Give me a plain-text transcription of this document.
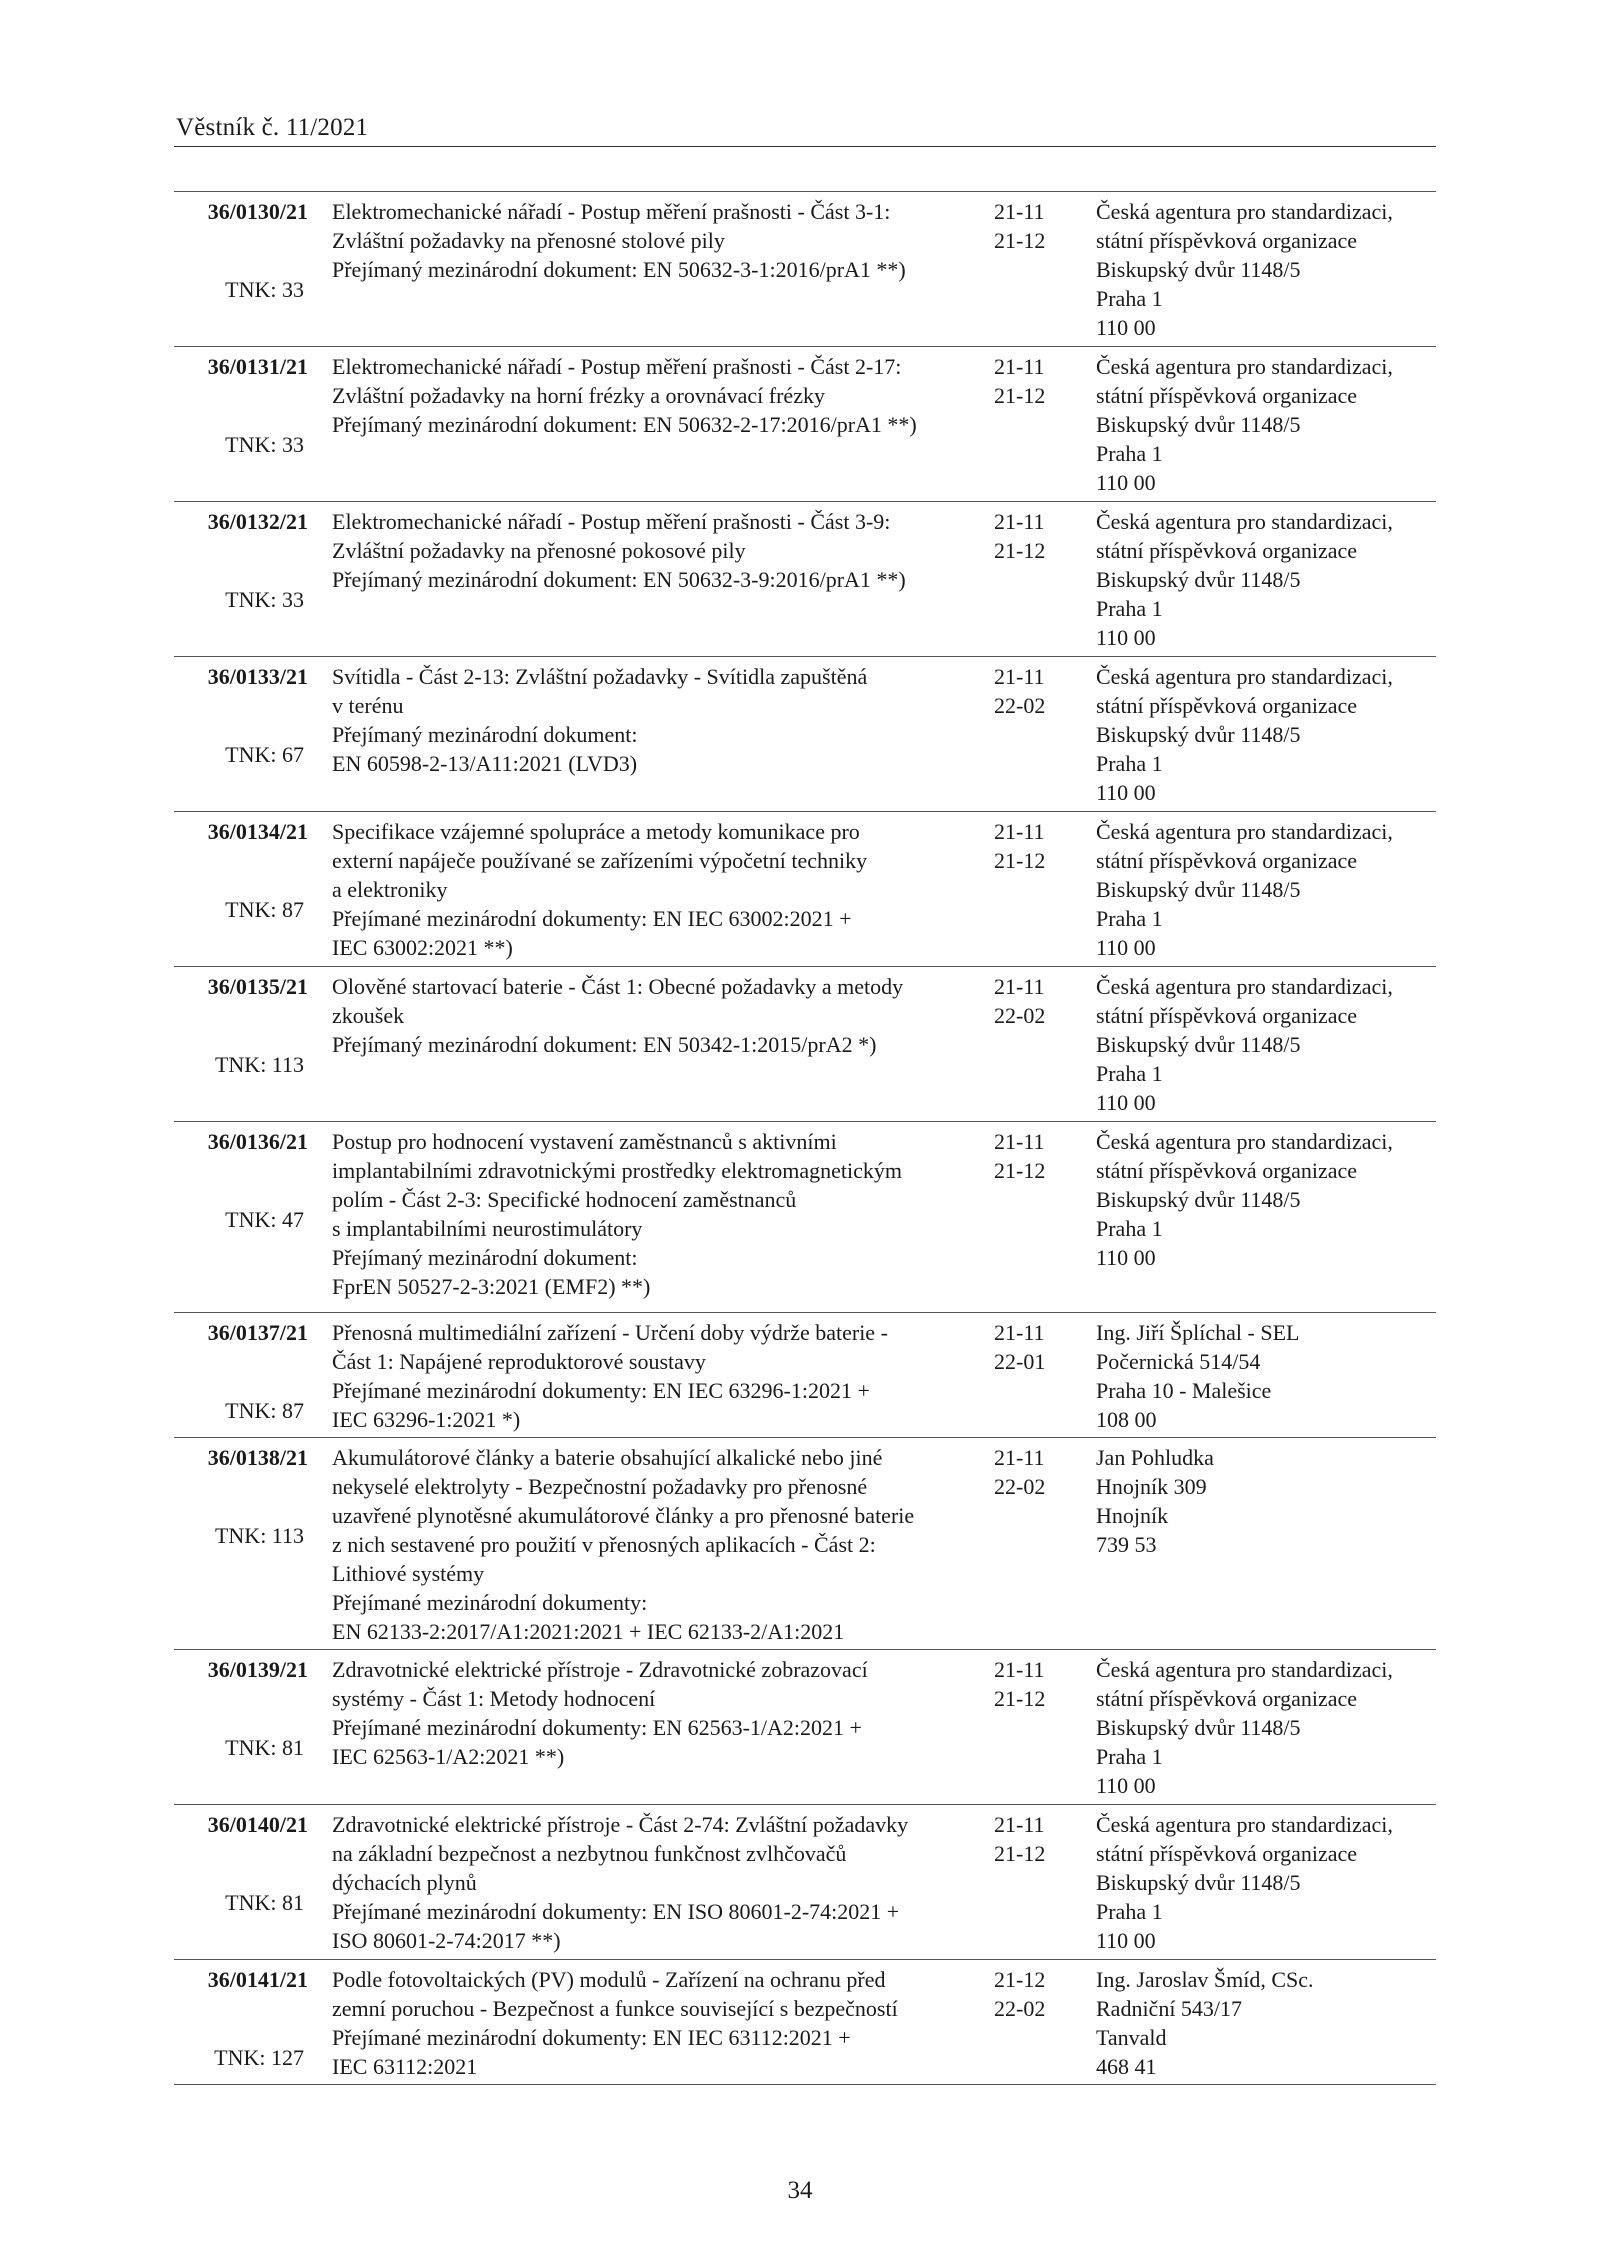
Věstník č. 11/2021
36/0130/21
TNK: 33
Elektromechanické nářadí - Postup měření prašnosti - Část 3-1:
Zvláštní požadavky na přenosné stolové pily
Přejímaný mezinárodní dokument: EN 50632-3-1:2016/prA1 **)
21-11
21-12
Česká agentura pro standardizaci,
státní příspěvková organizace
Biskupský dvůr 1148/5
Praha 1
110 00
36/0131/21
TNK: 33
Elektromechanické nářadí - Postup měření prašnosti - Část 2-17:
Zvláštní požadavky na horní frézky a orovnávací frézky
Přejímaný mezinárodní dokument: EN 50632-2-17:2016/prA1 **)
21-11
21-12
Česká agentura pro standardizaci,
státní příspěvková organizace
Biskupský dvůr 1148/5
Praha 1
110 00
36/0132/21
TNK: 33
Elektromechanické nářadí - Postup měření prašnosti - Část 3-9:
Zvláštní požadavky na přenosné pokosové pily
Přejímaný mezinárodní dokument: EN 50632-3-9:2016/prA1 **)
21-11
21-12
Česká agentura pro standardizaci,
státní příspěvková organizace
Biskupský dvůr 1148/5
Praha 1
110 00
36/0133/21
TNK: 67
Svítidla - Část 2-13: Zvláštní požadavky - Svítidla zapuštěná
v terénu
Přejímaný mezinárodní dokument:
EN 60598-2-13/A11:2021 (LVD3)
21-11
22-02
Česká agentura pro standardizaci,
státní příspěvková organizace
Biskupský dvůr 1148/5
Praha 1
110 00
36/0134/21
TNK: 87
Specifikace vzájemné spolupráce a metody komunikace pro
externí napáječe používané se zařízeními výpočetní techniky
a elektroniky
Přejímané mezinárodní dokumenty: EN IEC 63002:2021 +
IEC 63002:2021 **)
21-11
21-12
Česká agentura pro standardizaci,
státní příspěvková organizace
Biskupský dvůr 1148/5
Praha 1
110 00
36/0135/21
TNK: 113
Olověné startovací baterie - Část 1: Obecné požadavky a metody
zkoušek
Přejímaný mezinárodní dokument: EN 50342-1:2015/prA2 *)
21-11
22-02
Česká agentura pro standardizaci,
státní příspěvková organizace
Biskupský dvůr 1148/5
Praha 1
110 00
36/0136/21
TNK: 47
Postup pro hodnocení vystavení zaměstnanců s aktivními
implantabilními zdravotnickými prostředky elektromagnetickým
polím - Část 2-3: Specifické hodnocení zaměstnanců
s implantabilními neurostimulátory
Přejímaný mezinárodní dokument:
FprEN 50527-2-3:2021 (EMF2) **)
21-11
21-12
Česká agentura pro standardizaci,
státní příspěvková organizace
Biskupský dvůr 1148/5
Praha 1
110 00
36/0137/21
TNK: 87
Přenosná multimediální zařízení - Určení doby výdrže baterie -
Část 1: Napájené reproduktorové soustavy
Přejímané mezinárodní dokumenty: EN IEC 63296-1:2021 +
IEC 63296-1:2021 *)
21-11
22-01
Ing. Jiří Šplíchal - SEL
Počernická 514/54
Praha 10 - Malešice
108 00
36/0138/21
TNK: 113
Akumulátorové články a baterie obsahující alkalické nebo jiné
nekyselé elektrolyty - Bezpečnostní požadavky pro přenosné
uzavřené plynotěsné akumulátorové články a pro přenosné baterie
z nich sestavené pro použití v přenosných aplikacích - Část 2:
Lithiové systémy
Přejímané mezinárodní dokumenty:
EN 62133-2:2017/A1:2021:2021 + IEC 62133-2/A1:2021
21-11
22-02
Jan Pohludka
Hnojník 309
Hnojník
739 53
36/0139/21
TNK: 81
Zdravotnické elektrické přístroje - Zdravotnické zobrazovací
systémy - Část 1: Metody hodnocení
Přejímané mezinárodní dokumenty: EN 62563-1/A2:2021 +
IEC 62563-1/A2:2021 **)
21-11
21-12
Česká agentura pro standardizaci,
státní příspěvková organizace
Biskupský dvůr 1148/5
Praha 1
110 00
36/0140/21
TNK: 81
Zdravotnické elektrické přístroje - Část 2-74: Zvláštní požadavky
na základní bezpečnost a nezbytnou funkčnost zvlhčovačů
dýchacích plynů
Přejímané mezinárodní dokumenty: EN ISO 80601-2-74:2021 +
ISO 80601-2-74:2017 **)
21-11
21-12
Česká agentura pro standardizaci,
státní příspěvková organizace
Biskupský dvůr 1148/5
Praha 1
110 00
36/0141/21
TNK: 127
Podle fotovoltaických (PV) modulů - Zařízení na ochranu před
zemní poruchou - Bezpečnost a funkce související s bezpečností
Přejímané mezinárodní dokumenty: EN IEC 63112:2021 +
IEC 63112:2021
21-12
22-02
Ing. Jaroslav Šmíd, CSc.
Radniční 543/17
Tanvald
468 41
34
